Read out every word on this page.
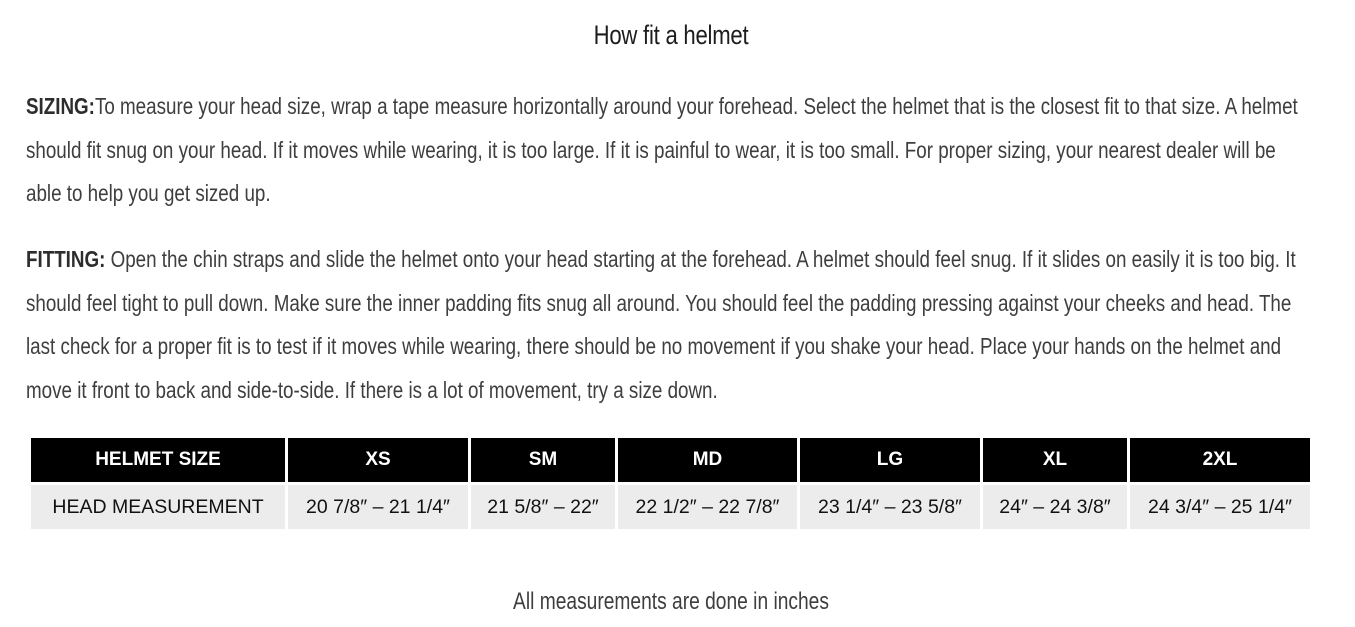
How fit a helmet
SIZING:To measure your head size, wrap a tape measure horizontally around your forehead. Select the helmet that is the closest fit to that size. A helmet should fit snug on your head. If it moves while wearing, it is too large. If it is painful to wear, it is too small. For proper sizing, your nearest dealer will be able to help you get sized up.
FITTING: Open the chin straps and slide the helmet onto your head starting at the forehead. A helmet should feel snug. If it slides on easily it is too big. It should feel tight to pull down. Make sure the inner padding fits snug all around. You should feel the padding pressing against your cheeks and head. The last check for a proper fit is to test if it moves while wearing, there should be no movement if you shake your head. Place your hands on the helmet and move it front to back and side-to-side. If there is a lot of movement, try a size down.
HELMET SIZE	XS	SM	MD	LG	XL	2XL
HEAD MEASUREMENT	20 7/8″ – 21 1/4″	21 5/8″ – 22″	22 1/2″ – 22 7/8″	23 1/4″ – 23 5/8″	24″ – 24 3/8″	24 3/4″ – 25 1/4″
All measurements are done in inches
